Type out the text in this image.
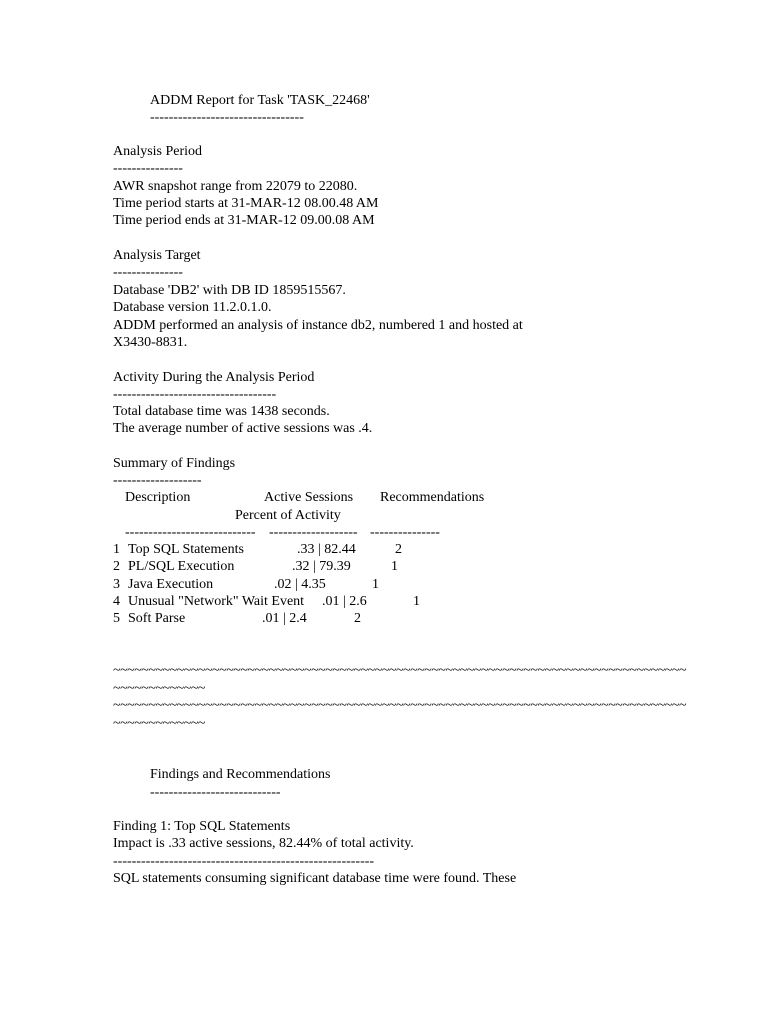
ADDM Report for Task 'TASK_22468'
---------------------------------
Analysis Period
---------------
AWR snapshot range from 22079 to 22080.
Time period starts at 31-MAR-12 08.00.48 AM
Time period ends at 31-MAR-12 09.00.08 AM
Analysis Target
---------------
Database 'DB2' with DB ID 1859515567.
Database version 11.2.0.1.0.
ADDM performed an analysis of instance db2, numbered 1 and hosted at
X3430-8831.
Activity During the Analysis Period
-----------------------------------
Total database time was 1438 seconds.
The average number of active sessions was .4.
Summary of Findings
-------------------
Description	Active Sessions Recommendations
Percent of Activity
---------------------------- ------------------- ---------------
1 Top SQL Statements	.33 | 82.44	2
2 PL/SQL Execution	.32 | 79.39	1
3 Java Execution	.02 | 4.35	1
4 Unusual "Network" Wait Event .01 | 2.6	1
5 Soft Parse	.01 | 2.4	2
~~~~~~~~~~~~~~~~~~~~~~~~~~~~~~~~~~~~~~~~~~~~~~~~~~~~~~~~~~~~~~~~~~~~~~~~~~~~~~~~~
~~~~~~~~~~~~~
~~~~~~~~~~~~~~~~~~~~~~~~~~~~~~~~~~~~~~~~~~~~~~~~~~~~~~~~~~~~~~~~~~~~~~~~~~~~~~~~~
~~~~~~~~~~~~~
Findings and Recommendations
----------------------------
Finding 1: Top SQL Statements
Impact is .33 active sessions, 82.44% of total activity.
--------------------------------------------------------
SQL statements consuming significant database time were found. These
